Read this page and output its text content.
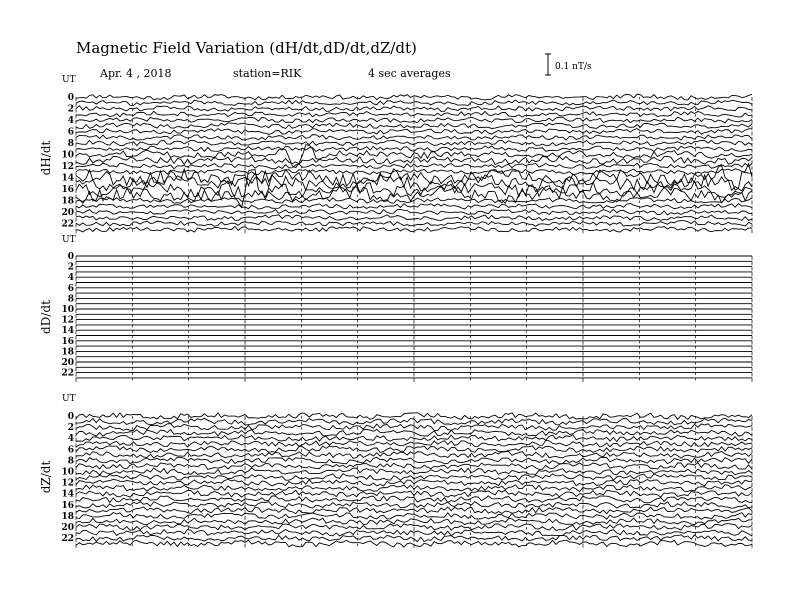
Magnetic Field Variation (dH/dt,dD/dt,dZ/dt)
Apr. 4 , 2018	station=RIK	4 sec averages	0.1 nT/s
UT
dH/dt
0
2
4
6
8
10
12
14
16
18
20
22
UT
dD/dt
0
2
4
6
8
10
12
14
16
18
20
22
UT
dZ/dt
0
2
4
6
8
10
12
14
16
18
20
22
